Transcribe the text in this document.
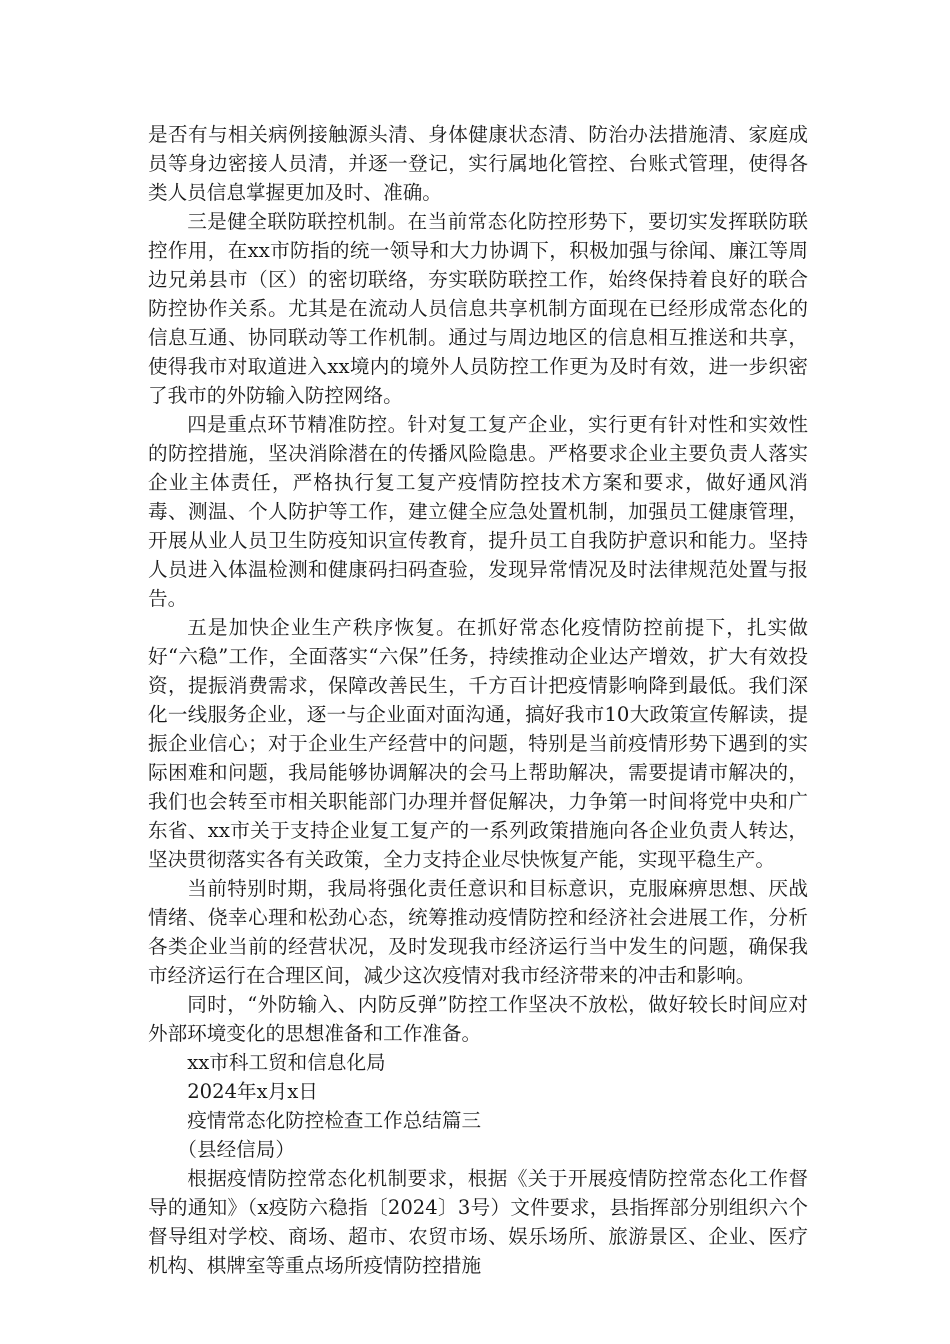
是否有与相关病例接触源头清、身体健康状态清、防治办法措施清、家庭成员等身边密接人员清，并逐一登记，实行属地化管控、台账式管理，使得各类人员信息掌握更加及时、准确。

三是健全联防联控机制。在当前常态化防控形势下，要切实发挥联防联控作用，在xx市防指的统一领导和大力协调下，积极加强与徐闻、廉江等周边兄弟县市（区）的密切联络，夯实联防联控工作，始终保持着良好的联合防控协作关系。尤其是在流动人员信息共享机制方面现在已经形成常态化的信息互通、协同联动等工作机制。通过与周边地区的信息相互推送和共享，使得我市对取道进入xx境内的境外人员防控工作更为及时有效，进一步织密了我市的外防输入防控网络。

四是重点环节精准防控。针对复工复产企业，实行更有针对性和实效性的防控措施，坚决消除潜在的传播风险隐患。严格要求企业主要负责人落实企业主体责任，严格执行复工复产疫情防控技术方案和要求，做好通风消毒、测温、个人防护等工作，建立健全应急处置机制，加强员工健康管理，开展从业人员卫生防疫知识宣传教育，提升员工自我防护意识和能力。坚持人员进入体温检测和健康码扫码查验，发现异常情况及时法律规范处置与报告。

五是加快企业生产秩序恢复。在抓好常态化疫情防控前提下，扎实做好“六稳”工作，全面落实“六保”任务，持续推动企业达产增效，扩大有效投资，提振消费需求，保障改善民生，千方百计把疫情影响降到最低。我们深化一线服务企业，逐一与企业面对面沟通，搞好我市10大政策宣传解读，提振企业信心；对于企业生产经营中的问题，特别是当前疫情形势下遇到的实际困难和问题，我局能够协调解决的会马上帮助解决，需要提请市解决的，我们也会转至市相关职能部门办理并督促解决，力争第一时间将党中央和广东省、xx市关于支持企业复工复产的一系列政策措施向各企业负责人转达，坚决贯彻落实各有关政策，全力支持企业尽快恢复产能，实现平稳生产。

当前特别时期，我局将强化责任意识和目标意识，克服麻痹思想、厌战情绪、侥幸心理和松劲心态，统筹推动疫情防控和经济社会进展工作，分析各类企业当前的经营状况，及时发现我市经济运行当中发生的问题，确保我市经济运行在合理区间，减少这次疫情对我市经济带来的冲击和影响。

同时，“外防输入、内防反弹”防控工作坚决不放松，做好较长时间应对外部环境变化的思想准备和工作准备。

xx市科工贸和信息化局

2024年x月x日

疫情常态化防控检查工作总结篇三

（县经信局）

根据疫情防控常态化机制要求，根据《关于开展疫情防控常态化工作督导的通知》（x疫防六稳指〔2024〕3号）文件要求，县指挥部分别组织六个督导组对学校、商场、超市、农贸市场、娱乐场所、旅游景区、企业、医疗机构、棋牌室等重点场所疫情防控措施
